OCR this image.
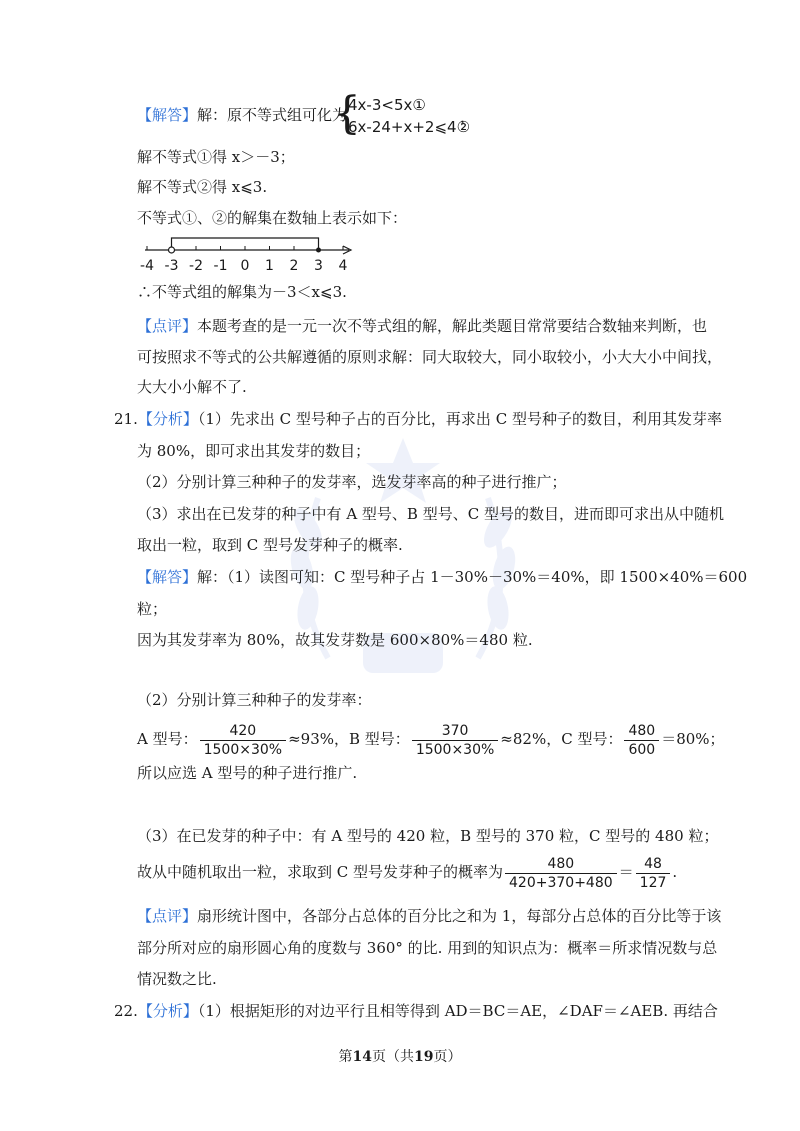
【解答】解：原不等式组可化为
{
4x-3<5x①
6x-24+x+2⩽4②
，
解不等式①得 x＞－3；
解不等式②得 x⩽3.
不等式①、②的解集在数轴上表示如下：
-4 -3 -2 -1 0 1 2 3 4
∴不等式组的解集为－3＜x⩽3.
【点评】本题考查的是一元一次不等式组的解，解此类题目常常要结合数轴来判断，也
可按照求不等式的公共解遵循的原则求解：同大取较大，同小取较小，小大大小中间找，
大大小小解不了.
21.【分析】（1）先求出 C 型号种子占的百分比，再求出 C 型号种子的数目，利用其发芽率
为 80%，即可求出其发芽的数目；
（2）分别计算三种种子的发芽率，选发芽率高的种子进行推广；
（3）求出在已发芽的种子中有 A 型号、B 型号、C 型号的数目，进而即可求出从中随机
取出一粒，取到 C 型号发芽种子的概率.
【解答】解：（1）读图可知：C 型号种子占 1－30%－30%＝40%，即 1500×40%＝600
粒；
因为其发芽率为 80%，故其发芽数是 600×80%＝480 粒.
（2）分别计算三种种子的发芽率：
A 型号： $\frac{420}{1500\times 30\%} \approx 93\%$，B 型号： $\frac{370}{1500\times 30\%} \approx 82\%$，C 型号： $\frac{480}{600} =80\%$；
所以应选 A 型号的种子进行推广.
（3）在已发芽的种子中：有 A 型号的 420 粒，B 型号的 370 粒，C 型号的 480 粒；
故从中随机取出一粒，求取到 C 型号发芽种子的概率为 $\frac{480}{420+370+480} = \frac{48}{127}$ .
【点评】扇形统计图中，各部分占总体的百分比之和为 1，每部分占总体的百分比等于该
部分所对应的扇形圆心角的度数与 360° 的比. 用到的知识点为：概率＝所求情况数与总
情况数之比.
22.【分析】（1）根据矩形的对边平行且相等得到 AD＝BC＝AE，∠DAF＝∠AEB. 再结合
第14页（共19页）
